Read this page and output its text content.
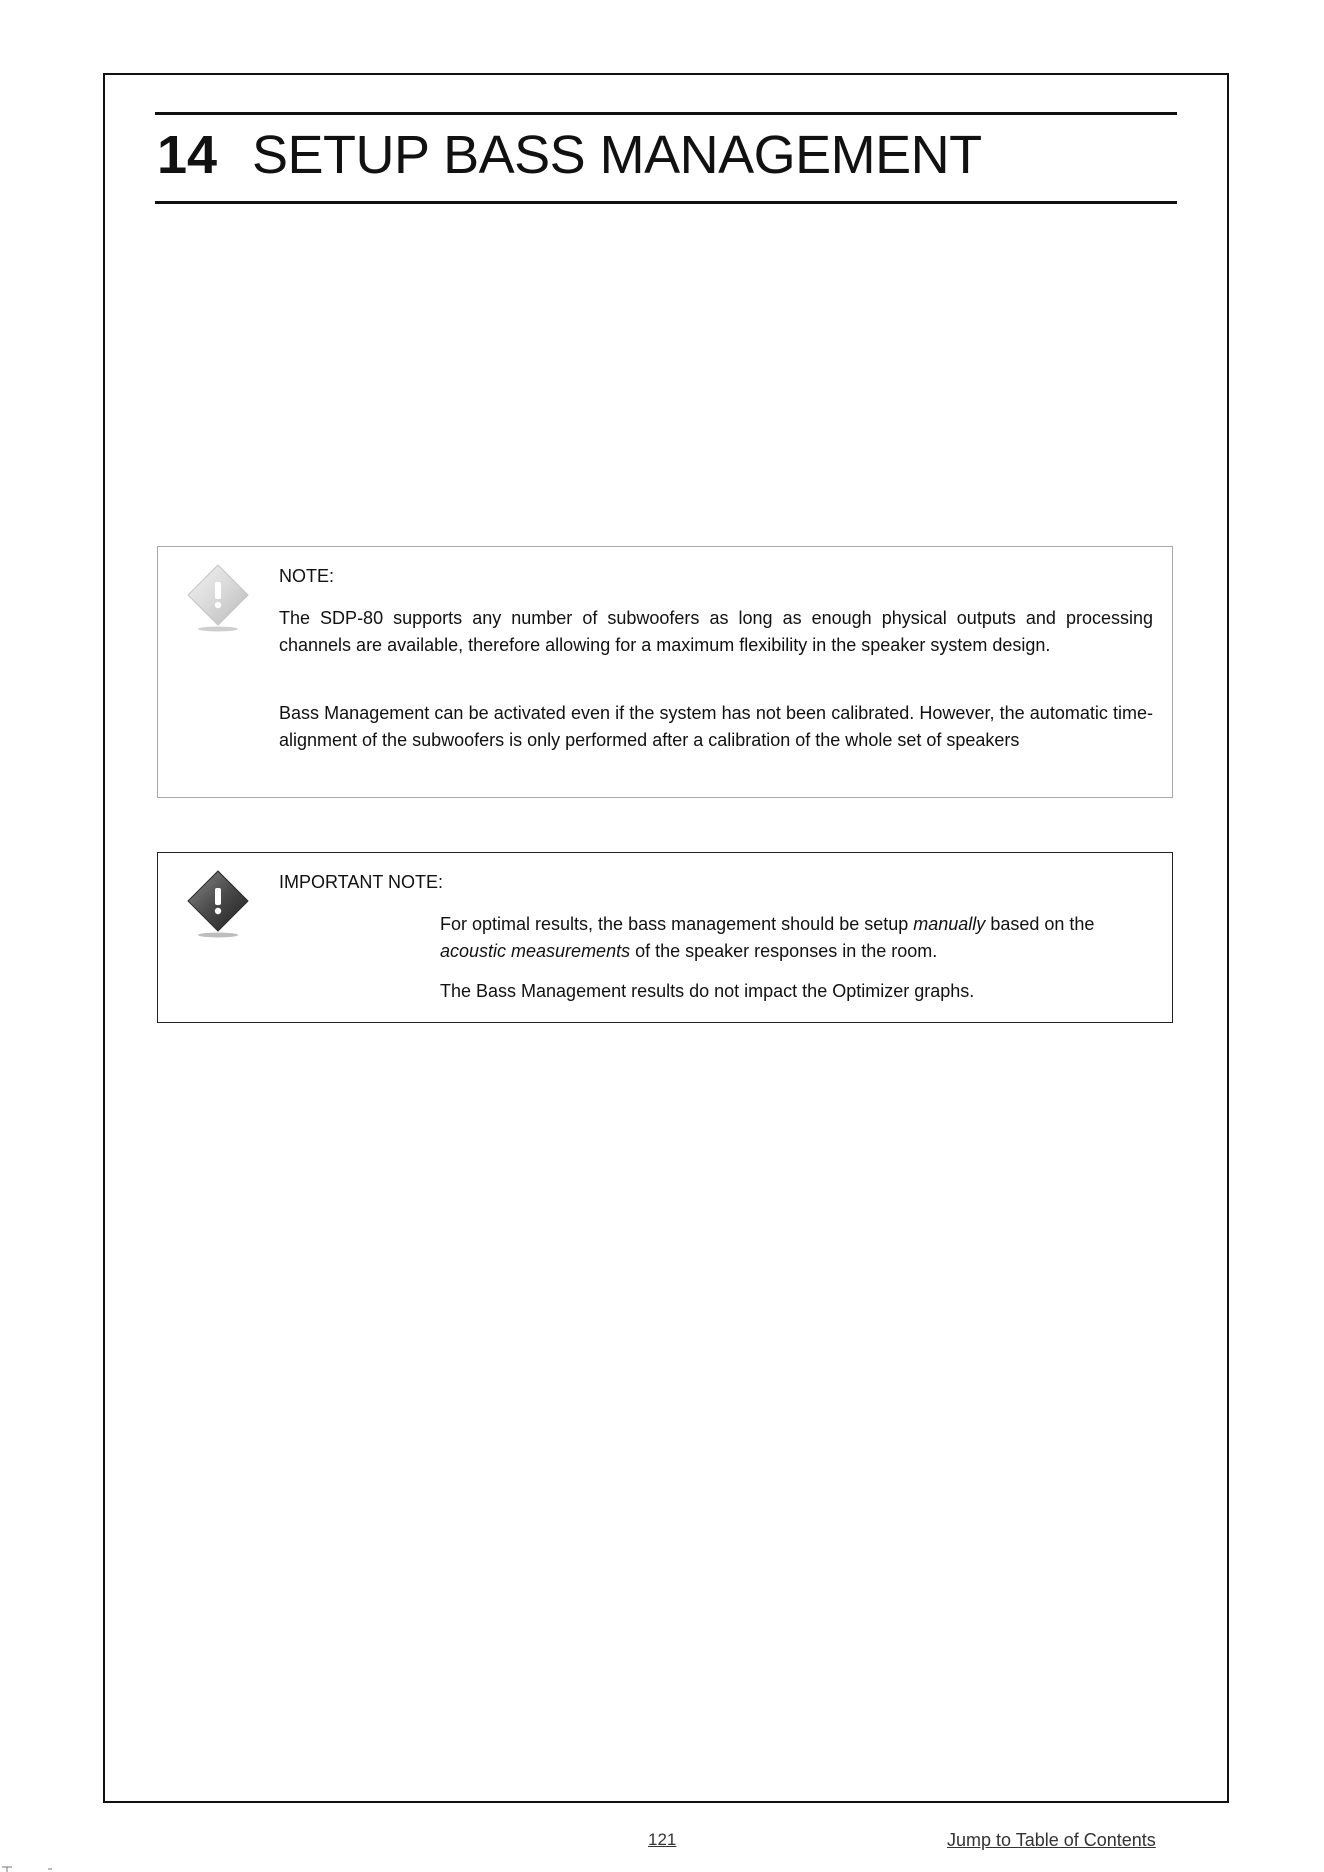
14 SETUP BASS MANAGEMENT
NOTE:

The SDP-80 supports any number of subwoofers as long as enough physical outputs and processing channels are available, therefore allowing for a maximum flexibility in the speaker system design.

Bass Management can be activated even if the system has not been calibrated. However, the automatic time-alignment of the subwoofers is only performed after a calibration of the whole set of speakers

IMPORTANT NOTE:

For optimal results, the bass management should be setup manually based on the acoustic measurements of the speaker responses in the room.

The Bass Management results do not impact the Optimizer graphs.

121	Jump to Table of Contents
